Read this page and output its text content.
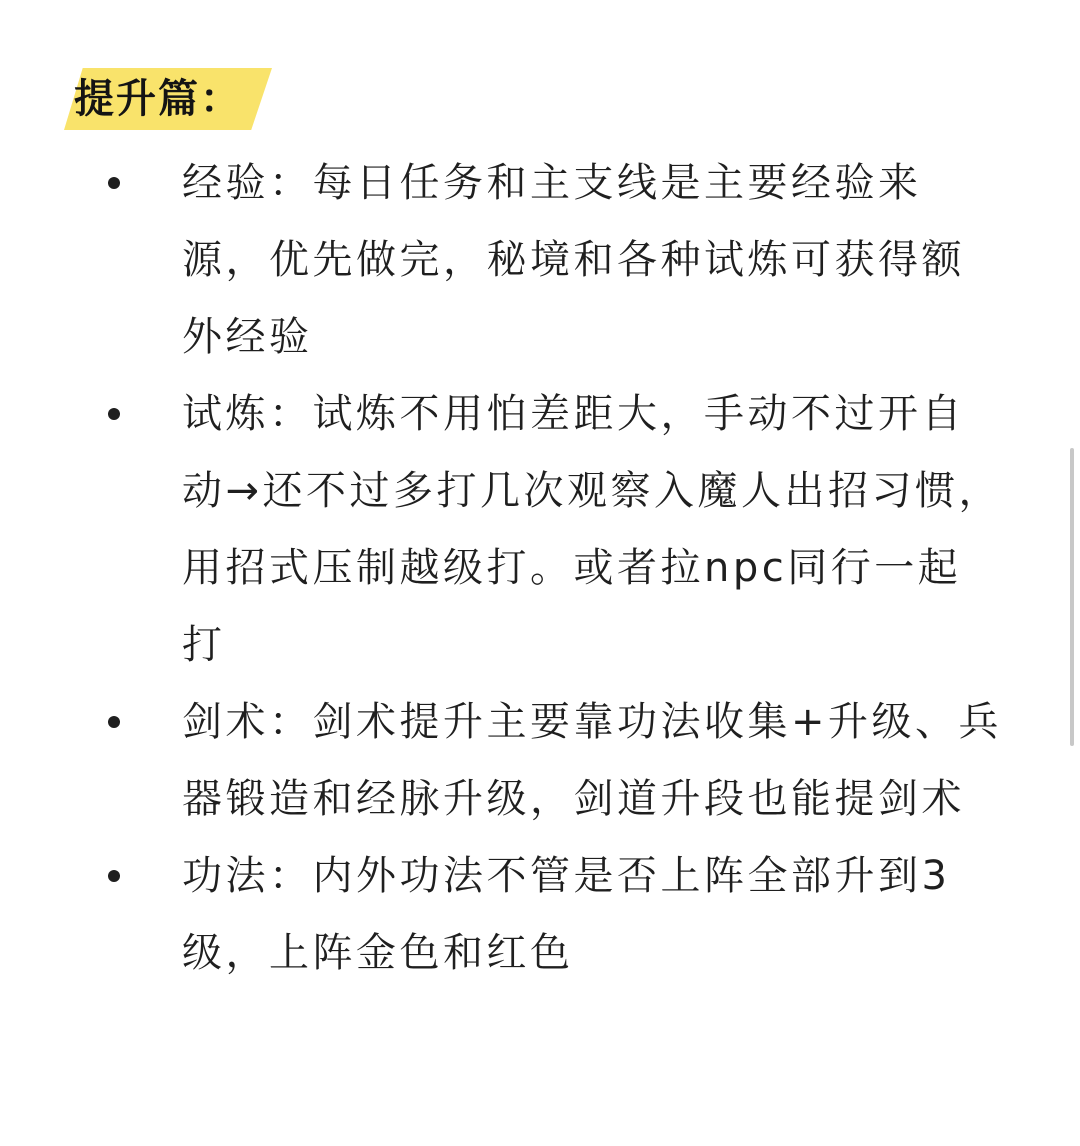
提升篇：
经验：每日任务和主支线是主要经验来源，优先做完，秘境和各种试炼可获得额外经验
试炼：试炼不用怕差距大，手动不过开自动→还不过多打几次观察入魔人出招习惯，用招式压制越级打。或者拉npc同行一起打
剑术：剑术提升主要靠功法收集+升级、兵器锻造和经脉升级，剑道升段也能提剑术
功法：内外功法不管是否上阵全部升到3级，上阵金色和红色
